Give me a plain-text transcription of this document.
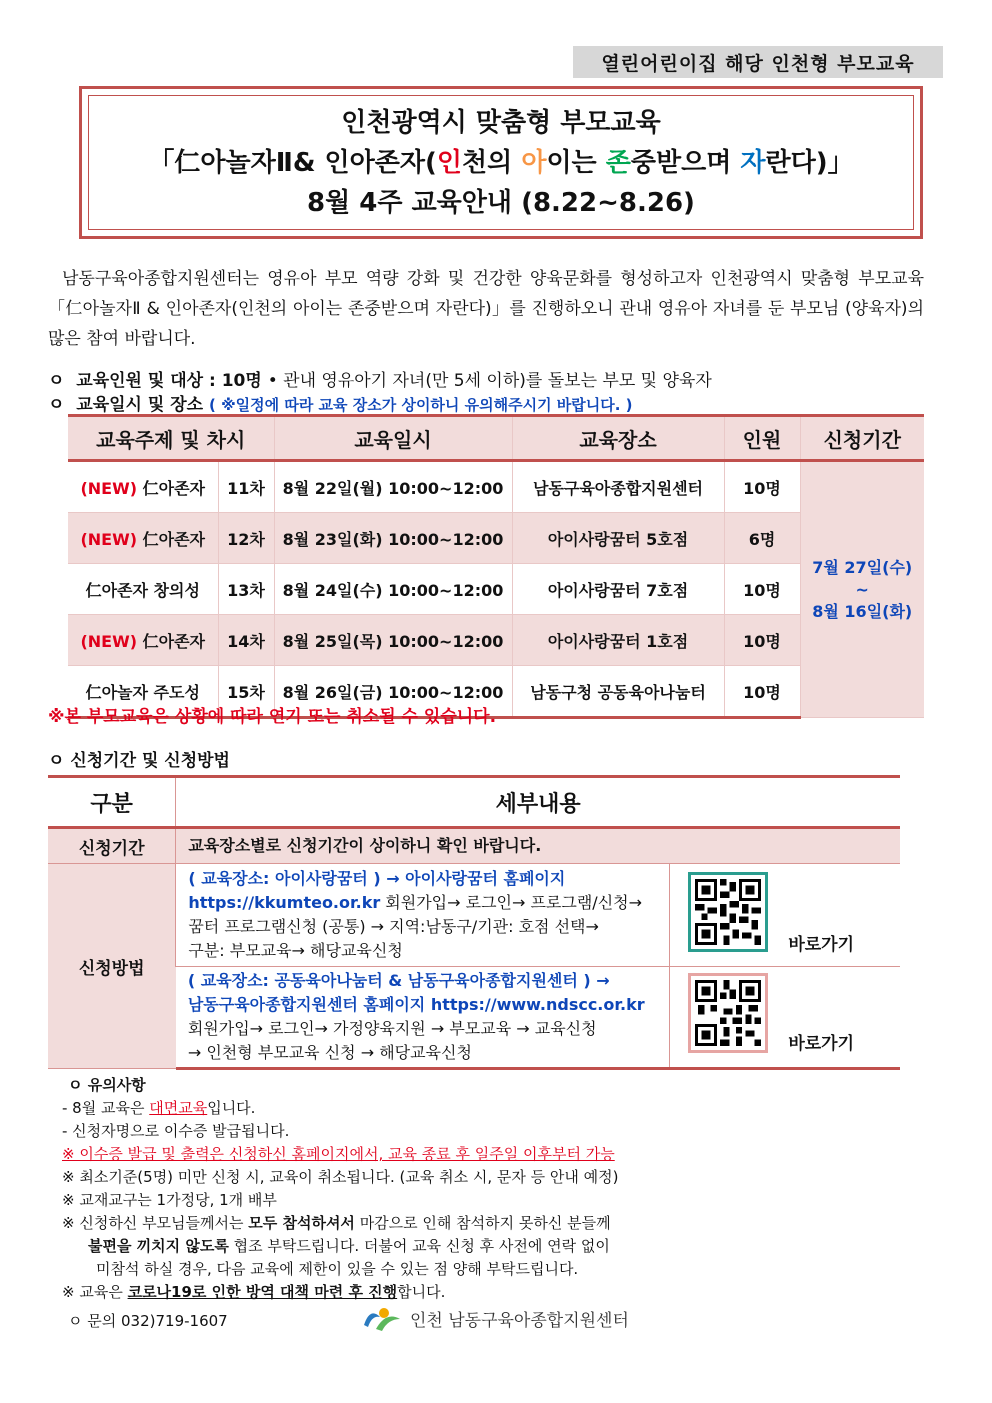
열린어린이집 해당 인천형 부모교육
인천광역시 맞춤형 부모교육
「仁아놀자Ⅱ& 인아존자(인천의 아이는 존중받으며 자란다)」
8월 4주 교육안내 (8.22~8.26)
남동구육아종합지원센터는 영유아 부모 역량 강화 및 건강한 양육문화를 형성하고자 인천광역시 맞춤형 부모교육 「仁아놀자Ⅱ & 인아존자(인천의 아이는 존중받으며 자란다)」를 진행하오니 관내 영유아 자녀를 둔 부모님 (양육자)의 많은 참여 바랍니다.
ㅇ 교육인원 및 대상 : 10명 • 관내 영유아기 자녀(만 5세 이하)를 돌보는 부모 및 양육자
ㅇ 교육일시 및 장소 ( ※일정에 따라 교육 장소가 상이하니 유의해주시기 바랍니다. )
교육주제 및 차시		교육일시	교육장소	인원	신청기간
(NEW) 仁아존자	11차	8월 22일(월) 10:00~12:00	남동구육아종합지원센터	10명	7월 27일(수)
~
8월 16일(화)

(NEW) 仁아존자	12차	8월 23일(화) 10:00~12:00	아이사랑꿈터 5호점	6명	
仁아존자 창의성	13차	8월 24일(수) 10:00~12:00	아이사랑꿈터 7호점	10명	
(NEW) 仁아존자	14차	8월 25일(목) 10:00~12:00	아이사랑꿈터 1호점	10명	
仁아놀자 주도성	15차	8월 26일(금) 10:00~12:00	남동구청 공동육아나눔터	10명	
※본 부모교육은 상황에 따라 연기 또는 취소될 수 있습니다.
ㅇ 신청기간 및 신청방법
구분	세부내용	
신청기간	교육장소별로 신청기간이 상이하니 확인 바랍니다.	
신청방법	( 교육장소: 아이사랑꿈터 ) → 아이사랑꿈터 홈페이지
https://kkumteo.or.kr 회원가입→ 로그인→ 프로그램/신청→
꿈터 프로그램신청 (공통) → 지역:남동구/기관: 호점 선택→
구분: 부모교육→ 해당교육신청	바로가기

	( 교육장소: 공동육아나눔터 & 남동구육아종합지원센터 ) →
남동구육아종합지원센터 홈페이지 https://www.ndscc.or.kr
회원가입→ 로그인→ 가정양육지원 → 부모교육 → 교육신청
→ 인천형 부모교육 신청 → 해당교육신청	바로가기
ㅇ 유의사항
- 8월 교육은 대면교육입니다.
- 신청자명으로 이수증 발급됩니다.
※ 이수증 발급 및 출력은 신청하신 홈페이지에서, 교육 종료 후 일주일 이후부터 가능
※ 최소기준(5명) 미만 신청 시, 교육이 취소됩니다. (교육 취소 시, 문자 등 안내 예정)
※ 교재교구는 1가정당, 1개 배부
※ 신청하신 부모님들께서는 모두 참석하셔서 마감으로 인해 참석하지 못하신 분들께
불편을 끼치지 않도록 협조 부탁드립니다. 더불어 교육 신청 후 사전에 연락 없이
미참석 하실 경우, 다음 교육에 제한이 있을 수 있는 점 양해 부탁드립니다.
※ 교육은 코로나19로 인한 방역 대책 마련 후 진행합니다.
ㅇ 문의 032)719-1607	인천 남동구육아종합지원센터
